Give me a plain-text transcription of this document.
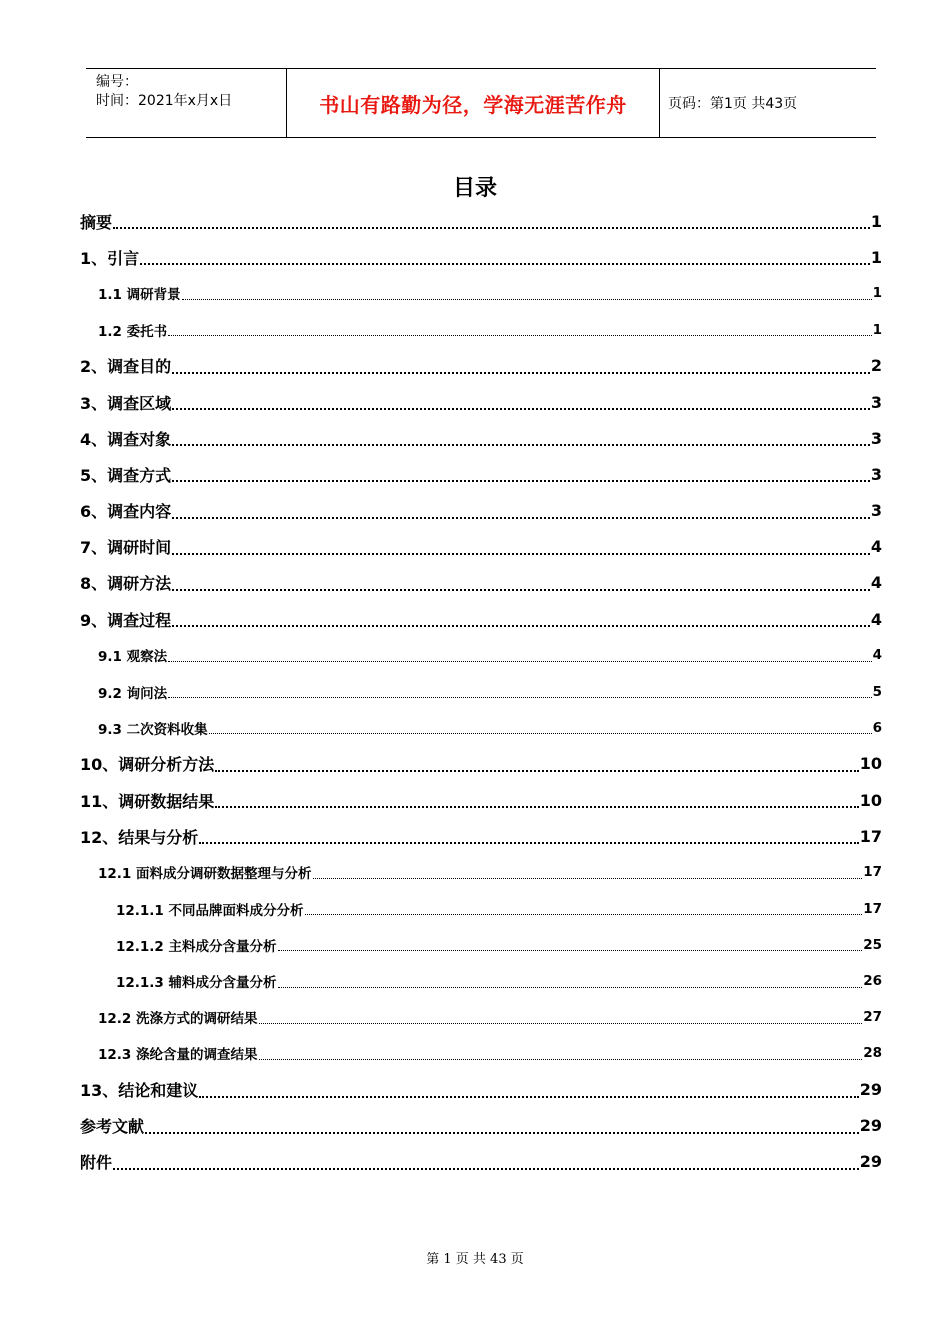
编号：
时间：2021年x月x日	书山有路勤为径，学海无涯苦作舟	页码：第1页 共43页
目录
摘要	1
1、引言	1
1.1 调研背景	1
1.2 委托书	1
2、调查目的	2
3、调查区域	3
4、调查对象	3
5、调查方式	3
6、调查内容	3
7、调研时间	4
8、调研方法	4
9、调查过程	4
9.1 观察法	4
9.2 询问法	5
9.3 二次资料收集	6
10、调研分析方法	10
11、调研数据结果	10
12、结果与分析	17
12.1 面料成分调研数据整理与分析	17
12.1.1 不同品牌面料成分分析	17
12.1.2 主料成分含量分析	25
12.1.3 辅料成分含量分析	26
12.2 洗涤方式的调研结果	27
12.3 涤纶含量的调查结果	28
13、结论和建议	29
参考文献	29
附件	29
第 1 页 共 43 页
